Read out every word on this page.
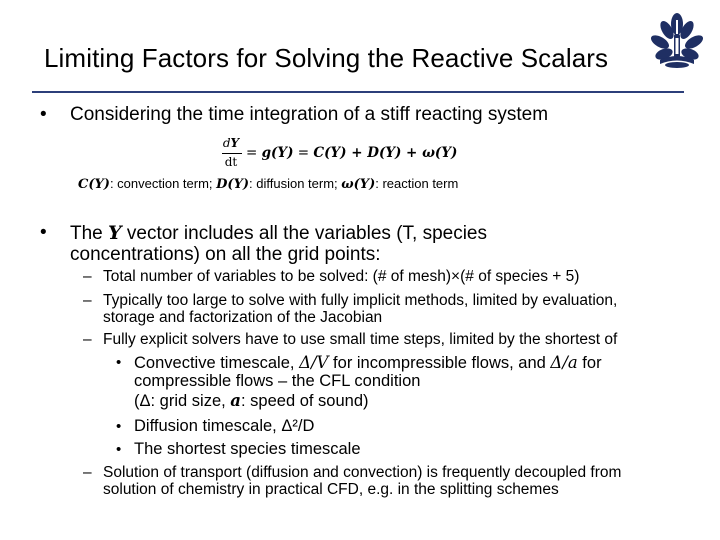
Limiting Factors for Solving the Reactive Scalars
• Considering the time integration of a stiff reacting system
dY
dt
= g(Y) = C(Y) + D(Y) + ω(Y)
C(Y): convection term; D(Y): diffusion term; ω(Y): reaction term
• The Y vector includes all the variables (T, species
concentrations) on all the grid points:
– Total number of variables to be solved: (# of mesh)×(# of species + 5)
– Typically too large to solve with fully implicit methods, limited by evaluation,
storage and factorization of the Jacobian
– Fully explicit solvers have to use small time steps, limited by the shortest of
• Convective timescale, Δ/V for incompressible flows, and Δ/a for
compressible flows – the CFL condition
(Δ: grid size, a: speed of sound)
• Diffusion timescale, Δ²/D
• The shortest species timescale
– Solution of transport (diffusion and convection) is frequently decoupled from
solution of chemistry in practical CFD, e.g. in the splitting schemes
